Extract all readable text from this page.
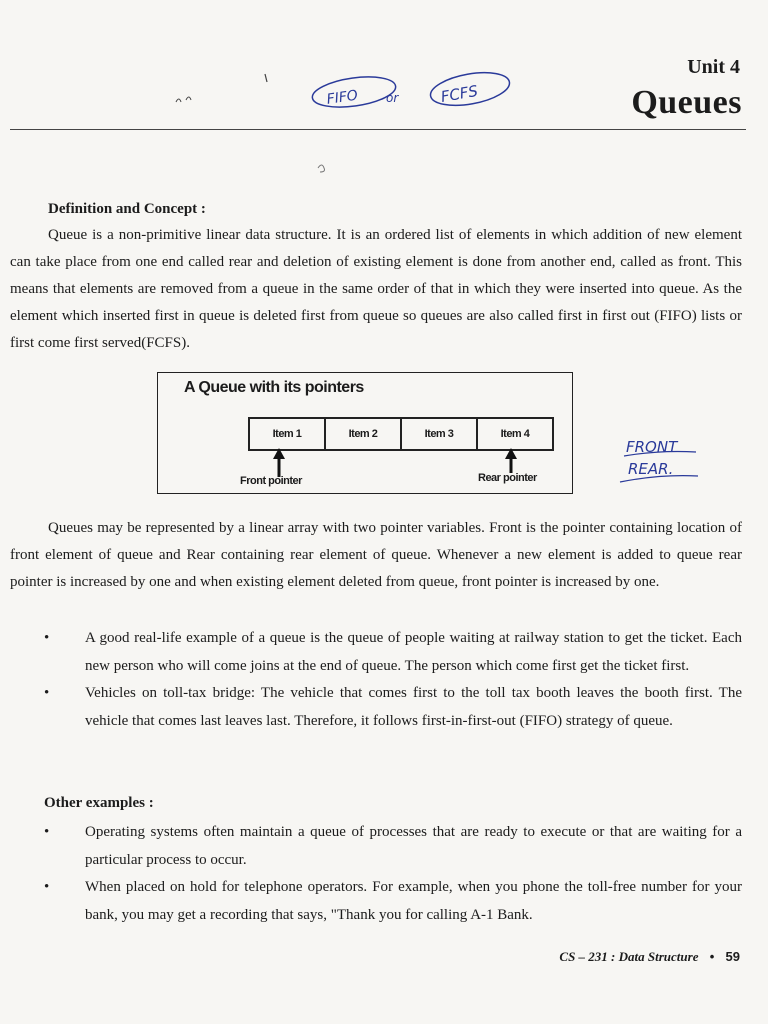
Unit 4
Queues
FIFO or	FCFS
Definition and Concept :
Queue is a non-primitive linear data structure. It is an ordered list of elements in which addition of new element can take place from one end called rear and deletion of existing element is done from another end, called as front. This means that elements are removed from a queue in the same order of that in which they were inserted into queue. As the element which inserted first in queue is deleted first from queue so queues are also called first in first out (FIFO) lists or first come first served(FCFS).
A Queue with its pointers
Item 1	Item 2	Item 3	Item 4
Front pointer	Rear pointer
FRONT
REAR.
Queues may be represented by a linear array with two pointer variables. Front is the pointer containing location of front element of queue and Rear containing rear element of queue. Whenever a new element is added to queue rear pointer is increased by one and when existing element deleted from queue, front pointer is increased by one.
• A good real-life example of a queue is the queue of people waiting at railway station to get the ticket. Each new person who will come joins at the end of queue. The person which come first get the ticket first.
• Vehicles on toll-tax bridge: The vehicle that comes first to the toll tax booth leaves the booth first. The vehicle that comes last leaves last. Therefore, it follows first-in-first-out (FIFO) strategy of queue.
Other examples :
• Operating systems often maintain a queue of processes that are ready to execute or that are waiting for a particular process to occur.
• When placed on hold for telephone operators. For example, when you phone the toll-free number for your bank, you may get a recording that says, "Thank you for calling A-1 Bank.
CS – 231 : Data Structure • 59
